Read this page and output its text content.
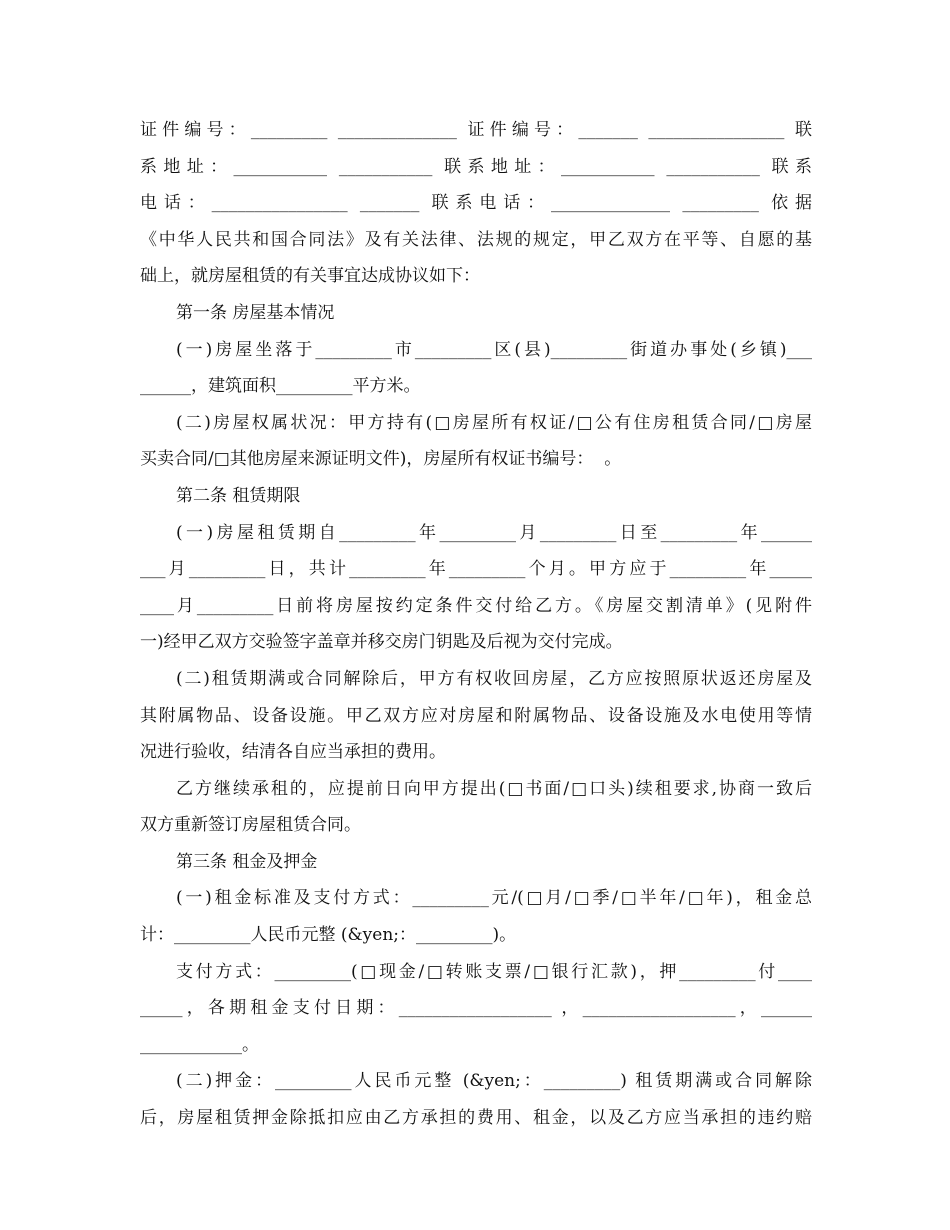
证件编号：_________ ______________ 证件编号：_______ ________________ 联
系地址：___________ ___________ 联系地址：___________ ___________ 联系
电话：________________ _______ 联系电话：______________ _________ 依据
《中华人民共和国合同法》及有关法律、法规的规定，甲乙双方在平等、自愿的基
础上，就房屋租赁的有关事宜达成协议如下：
第一条 房屋基本情况
(一)房屋坐落于_________市_________区(县)_________街道办事处(乡镇)___
______，建筑面积_________平方米。
(二)房屋权属状况：甲方持有(□房屋所有权证/□公有住房租赁合同/□房屋
买卖合同/□其他房屋来源证明文件)，房屋所有权证书编号：  。
第二条 租赁期限
(一)房屋租赁期自_________年_________月_________日至_________年______
___月_________日，共计_________年_________个月。甲方应于_________年_____
____月_________日前将房屋按约定条件交付给乙方。《房屋交割清单》(见附件
一)经甲乙双方交验签字盖章并移交房门钥匙及后视为交付完成。
(二)租赁期满或合同解除后，甲方有权收回房屋，乙方应按照原状返还房屋及
其附属物品、设备设施。甲乙双方应对房屋和附属物品、设备设施及水电使用等情
况进行验收，结清各自应当承担的费用。
乙方继续承租的，应提前日向甲方提出(□书面/□口头)续租要求,协商一致后
双方重新签订房屋租赁合同。
第三条 租金及押金
(一)租金标准及支付方式：_________元/(□月/□季/□半年/□年)，租金总
计：_________人民币元整 (&yen;：_________)。
支付方式：_________(□现金/□转账支票/□银行汇款)，押_________付____
_____，各期租金支付日期：__________________ ，__________________，______
____________。
(二)押金：_________人民币元整 (&yen;：_________) 租赁期满或合同解除
后，房屋租赁押金除抵扣应由乙方承担的费用、租金，以及乙方应当承担的违约赔
